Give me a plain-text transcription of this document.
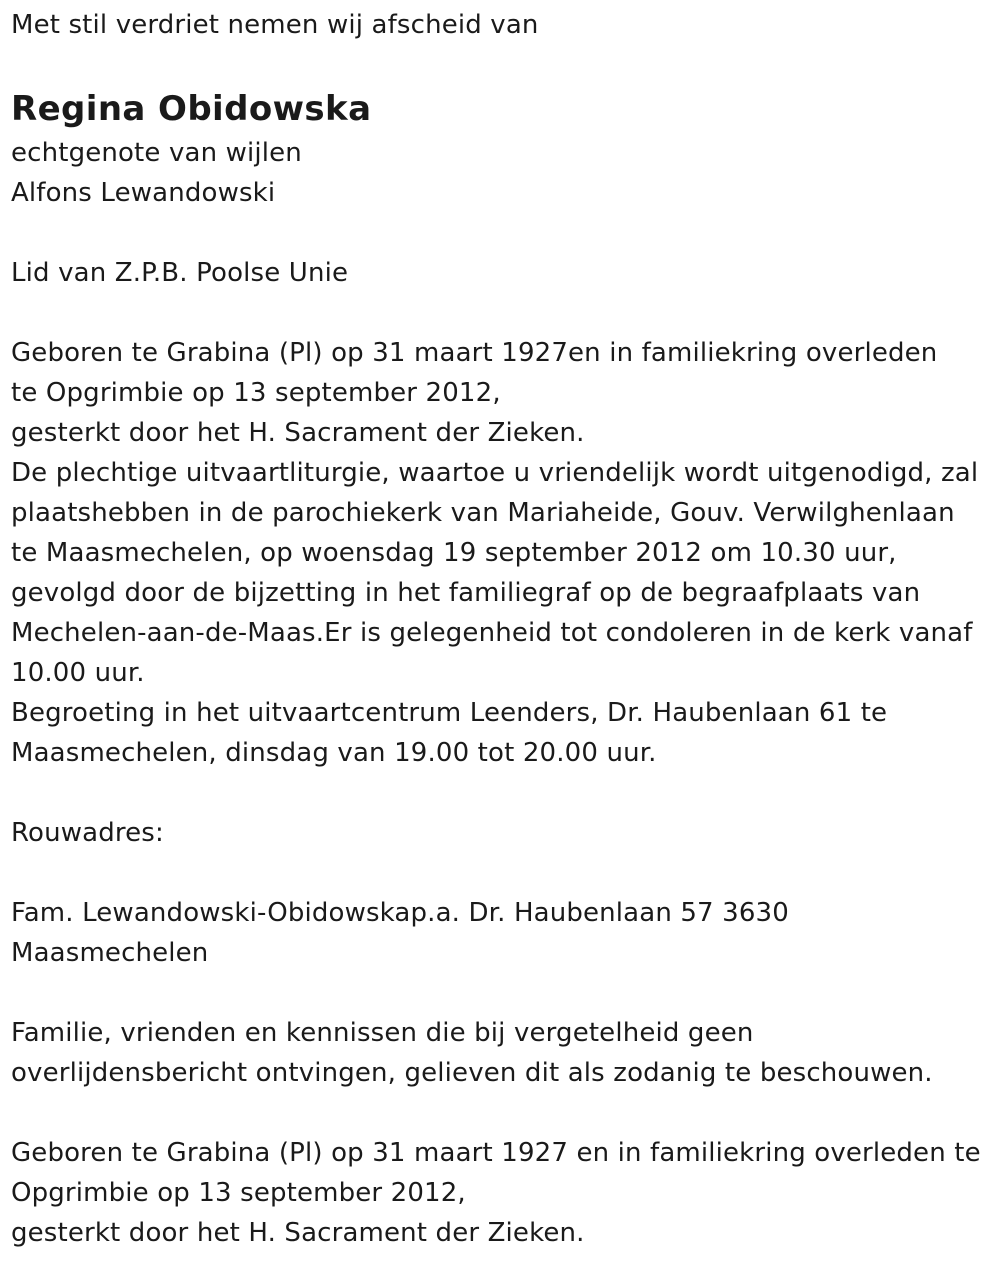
Met stil verdriet nemen wij afscheid van
Regina Obidowska
echtgenote van wijlen
Alfons Lewandowski
Lid van Z.P.B. Poolse Unie
Geboren te Grabina (Pl) op 31 maart 1927en in familiekring overleden
te Opgrimbie op 13 september 2012,
gesterkt door het H. Sacrament der Zieken.
De plechtige uitvaartliturgie, waartoe u vriendelijk wordt uitgenodigd, zal
plaatshebben in de parochiekerk van Mariaheide, Gouv. Verwilghenlaan
te Maasmechelen, op woensdag 19 september 2012 om 10.30 uur,
gevolgd door de bijzetting in het familiegraf op de begraafplaats van
Mechelen-aan-de-Maas.Er is gelegenheid tot condoleren in de kerk vanaf
10.00 uur.
Begroeting in het uitvaartcentrum Leenders, Dr. Haubenlaan 61 te
Maasmechelen, dinsdag van 19.00 tot 20.00 uur.
Rouwadres:
Fam. Lewandowski-Obidowskap.a. Dr. Haubenlaan 57 3630
Maasmechelen
Familie, vrienden en kennissen die bij vergetelheid geen
overlijdensbericht ontvingen, gelieven dit als zodanig te beschouwen.
Geboren te Grabina (Pl) op 31 maart 1927 en in familiekring overleden te
Opgrimbie op 13 september 2012,
gesterkt door het H. Sacrament der Zieken.
